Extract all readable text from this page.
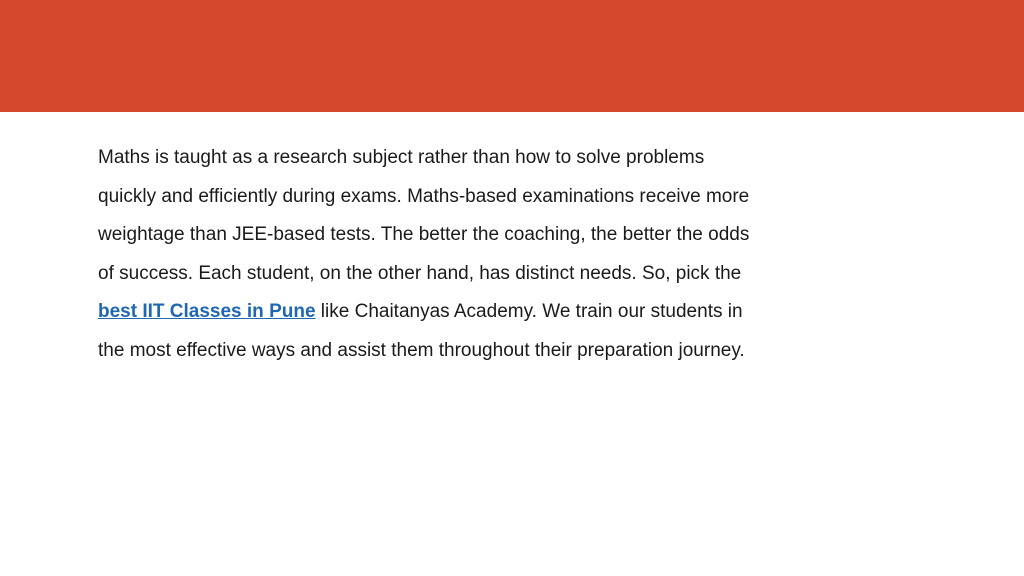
Maths is taught as a research subject rather than how to solve problems
quickly and efficiently during exams. Maths-based examinations receive more
weightage than JEE-based tests. The better the coaching, the better the odds
of success. Each student, on the other hand, has distinct needs. So, pick the
best IIT Classes in Pune like Chaitanyas Academy. We train our students in
the most effective ways and assist them throughout their preparation journey.
